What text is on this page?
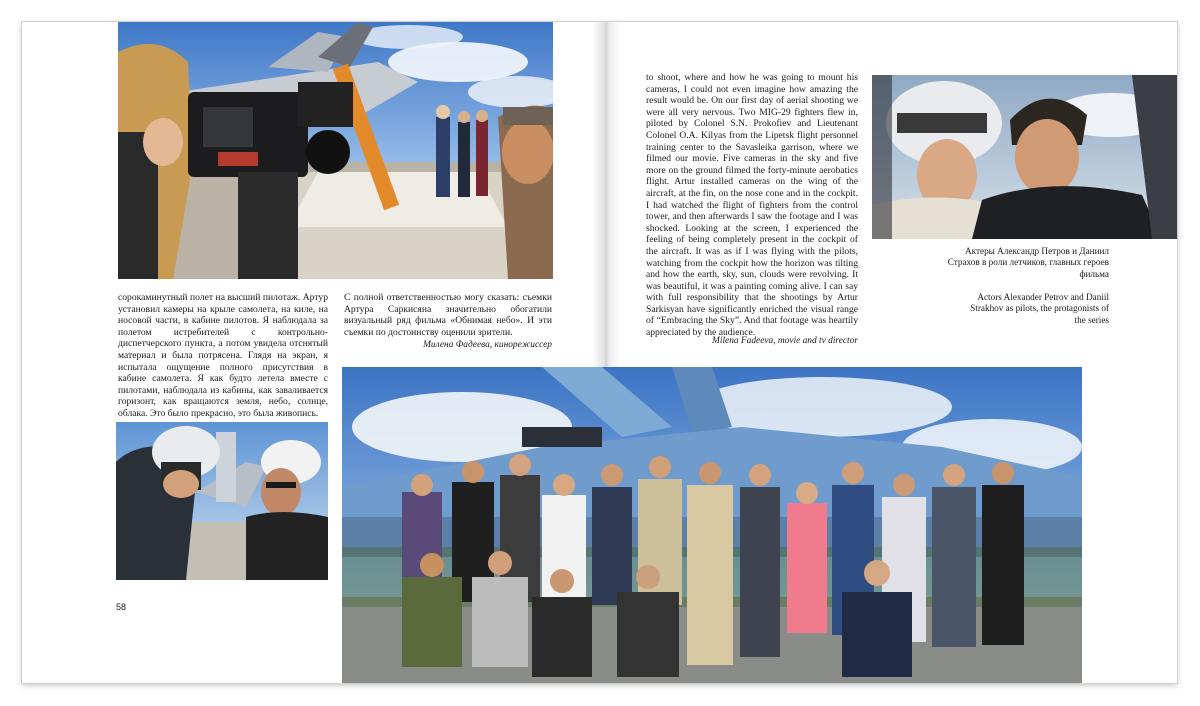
сорокаминутный полет на высший пилотаж. Артур установил камеры на крыле самолета, на киле, на носовой части, в кабине пилотов. Я наблюдала за полетом истребителей с контрольно-диспетчерского пункта, а потом увидела отснятый материал и была потрясена. Глядя на экран, я испытала ощущение полного присутствия в кабине самолета. Я как будто летела вместе с пилотами, наблюдала из кабины, как заваливается горизонт, как вращаются земля, небо, солнце, облака. Это было прекрасно, это была живопись.
С полной ответственностью могу сказать: съемки Артура Саркисяна значительно обогатили визуальный ряд фильма «Обнимая небо». И эти съемки по достоинству оценили зрители.
Милена Фадеева, кинорежиссер
58
to shoot, where and how he was going to mount his cameras, I could not even imagine how amazing the result would be. On our first day of aerial shooting we were all very nervous. Two MIG-29 fighters flew in, piloted by Colonel S.N. Prokofiev and Lieutenant Colonel O.A. Kilyas from the Lipetsk flight personnel training center to the Savasleika garrison, where we filmed our movie. Five cameras in the sky and five more on the ground filmed the forty-minute aerobatics flight. Artur installed cameras on the wing of the aircraft, at the fin, on the nose cone and in the cockpit. I had watched the flight of fighters from the control tower, and then afterwards I saw the footage and I was shocked. Looking at the screen, I experienced the feeling of being completely present in the cockpit of the aircraft. It was as if I was flying with the pilots, watching from the cockpit how the horizon was tilting and how the earth, sky, sun, clouds were revolving. It was beautiful, it was a painting coming alive. I can say with full responsibility that the shootings by Artur Sarkisyan have significantly enriched the visual range of “Embracing the Sky”. And that footage was heartily appreciated by the audience.
Milena Fadeeva, movie and tv director
Актеры Александр Петров и Даниил Страхов в роли летчиков, главных героев фильма
Actors Alexander Petrov and Daniil Strakhov as pilots, the protagonists of the series
